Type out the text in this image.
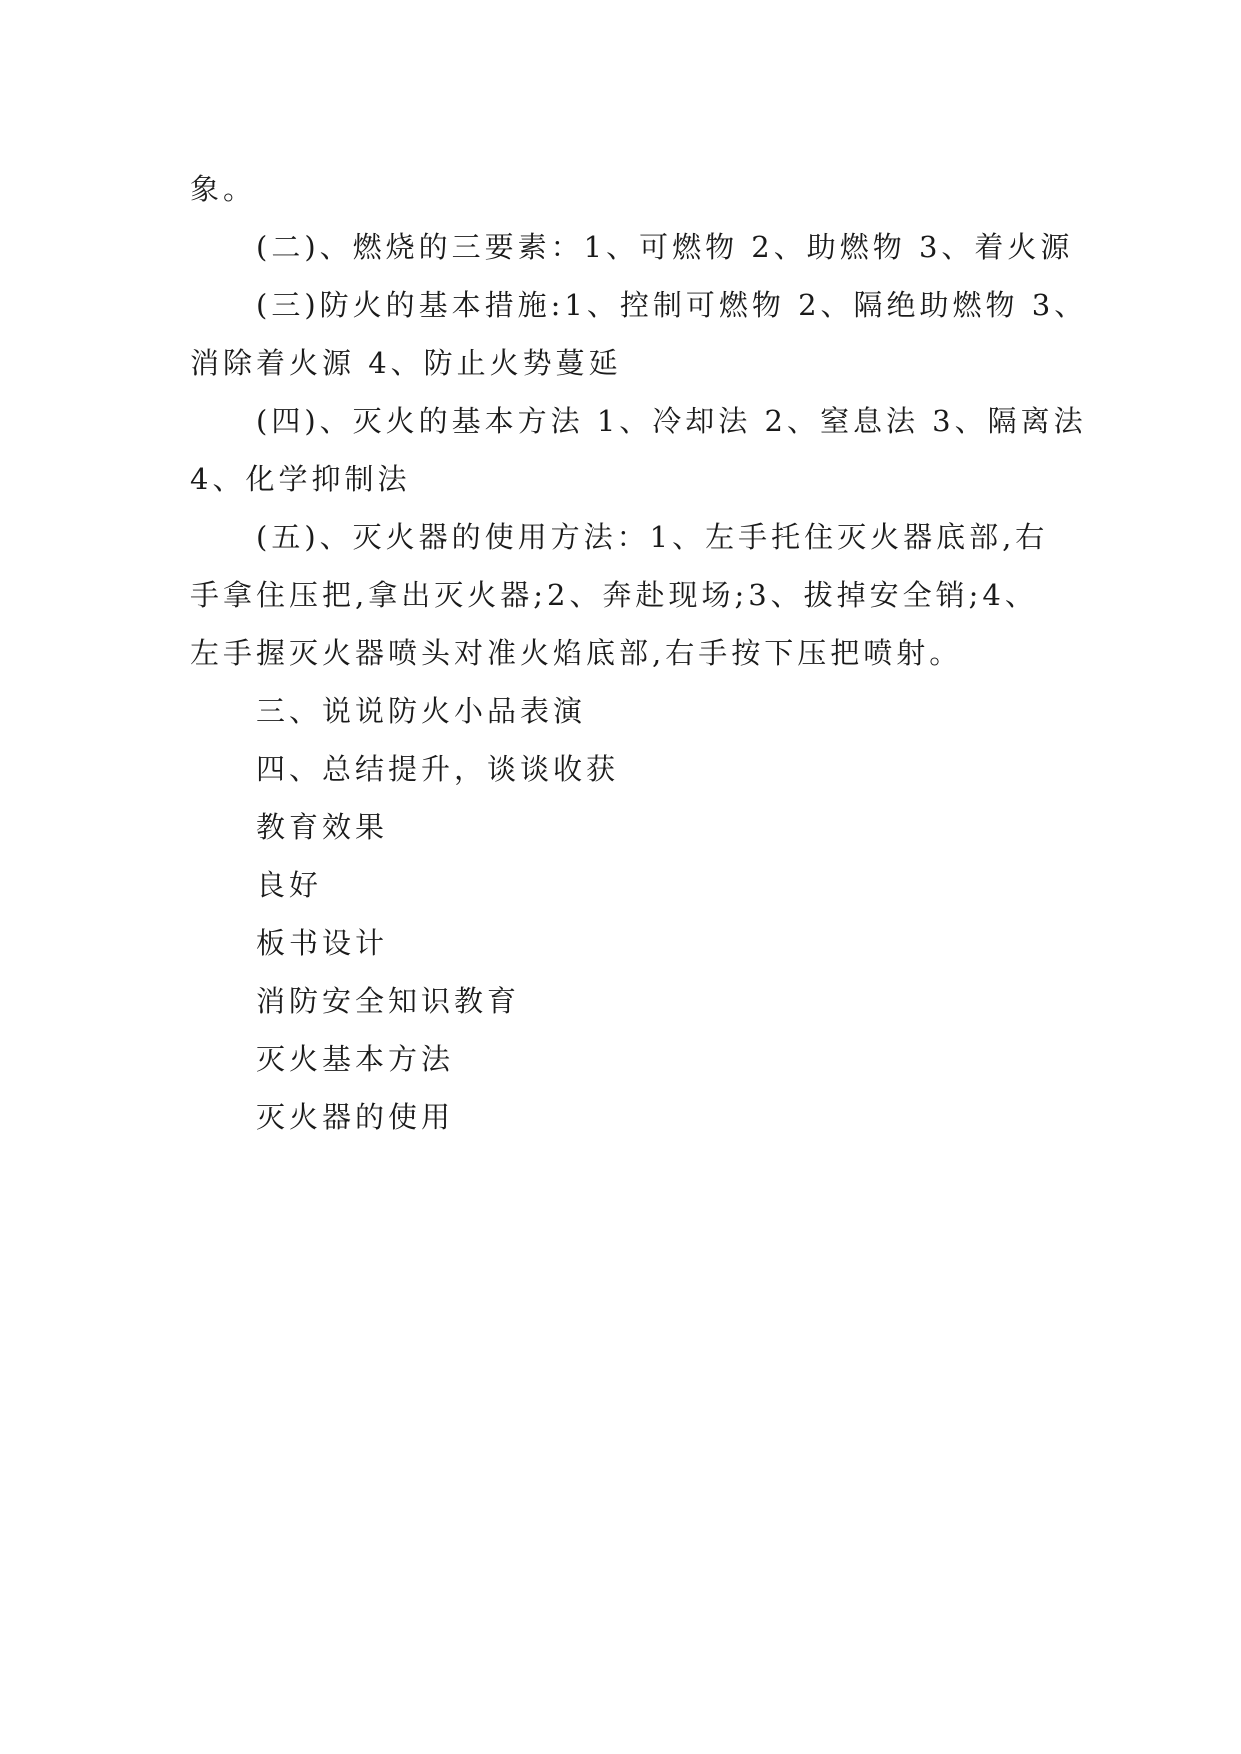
象。
(二)、燃烧的三要素：1、可燃物 2、助燃物 3、着火源
(三)防火的基本措施:1、控制可燃物 2、隔绝助燃物 3、
消除着火源 4、防止火势蔓延
(四)、灭火的基本方法 1、冷却法 2、窒息法 3、隔离法
4、化学抑制法
(五)、灭火器的使用方法：1、左手托住灭火器底部,右
手拿住压把,拿出灭火器;2、奔赴现场;3、拔掉安全销;4、
左手握灭火器喷头对准火焰底部,右手按下压把喷射。
三、说说防火小品表演
四、总结提升，谈谈收获
教育效果
良好
板书设计
消防安全知识教育
灭火基本方法
灭火器的使用
